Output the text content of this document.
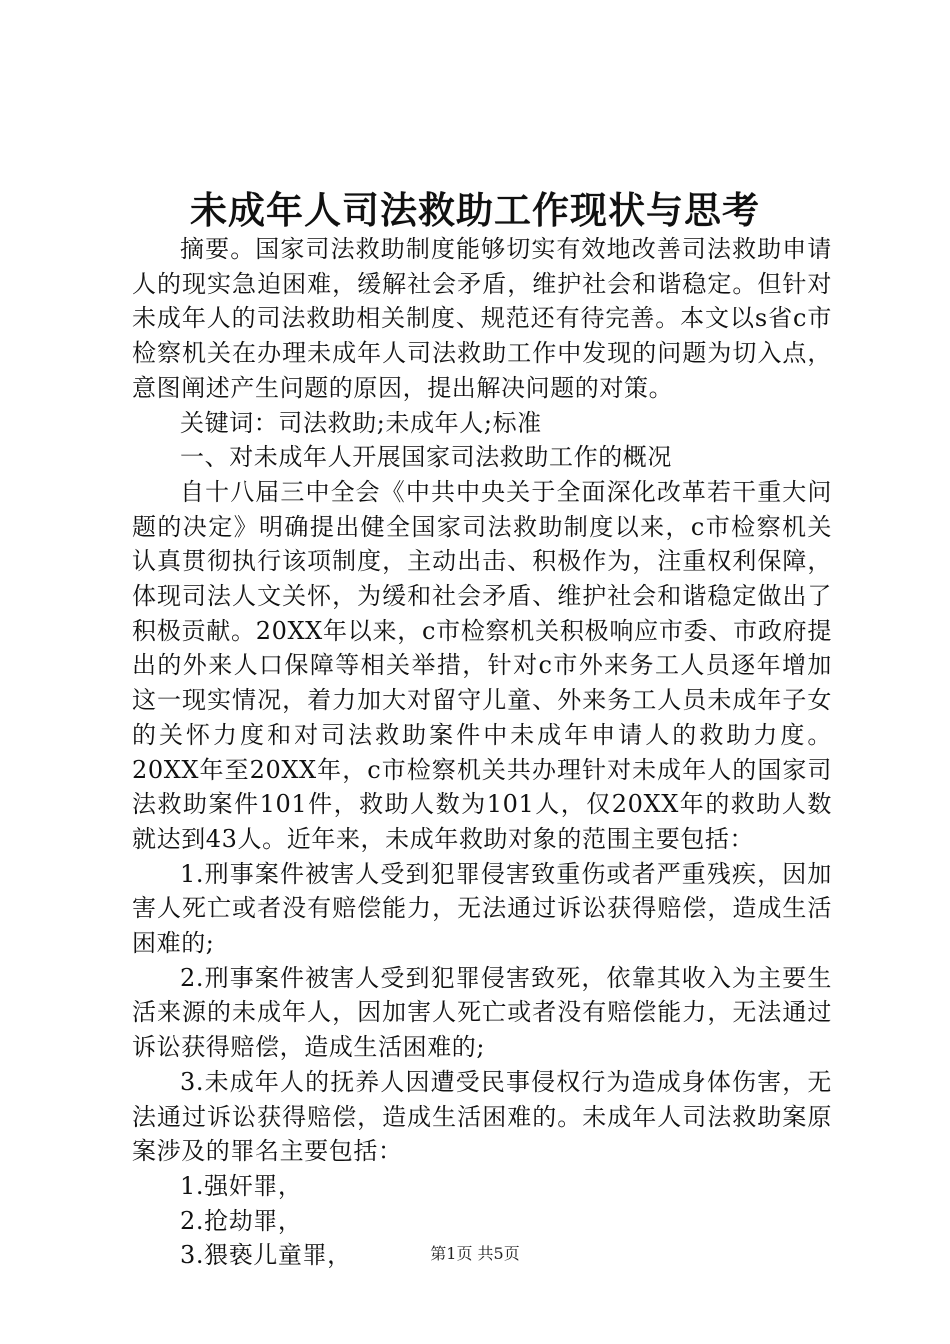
未成年人司法救助工作现状与思考

摘要。国家司法救助制度能够切实有效地改善司法救助申请人的现实急迫困难，缓解社会矛盾，维护社会和谐稳定。但针对未成年人的司法救助相关制度、规范还有待完善。本文以s省c市检察机关在办理未成年人司法救助工作中发现的问题为切入点，意图阐述产生问题的原因，提出解决问题的对策。

关键词：司法救助;未成年人;标准

一、对未成年人开展国家司法救助工作的概况

自十八届三中全会《中共中央关于全面深化改革若干重大问题的决定》明确提出健全国家司法救助制度以来，c市检察机关认真贯彻执行该项制度，主动出击、积极作为，注重权利保障，体现司法人文关怀，为缓和社会矛盾、维护社会和谐稳定做出了积极贡献。20XX年以来，c市检察机关积极响应市委、市政府提出的外来人口保障等相关举措，针对c市外来务工人员逐年增加这一现实情况，着力加大对留守儿童、外来务工人员未成年子女的关怀力度和对司法救助案件中未成年申请人的救助力度。20XX年至20XX年，c市检察机关共办理针对未成年人的国家司法救助案件101件，救助人数为101人，仅20XX年的救助人数就达到43人。近年来，未成年救助对象的范围主要包括：

1.刑事案件被害人受到犯罪侵害致重伤或者严重残疾，因加害人死亡或者没有赔偿能力，无法通过诉讼获得赔偿，造成生活困难的;

2.刑事案件被害人受到犯罪侵害致死，依靠其收入为主要生活来源的未成年人，因加害人死亡或者没有赔偿能力，无法通过诉讼获得赔偿，造成生活困难的;

3.未成年人的抚养人因遭受民事侵权行为造成身体伤害，无法通过诉讼获得赔偿，造成生活困难的。未成年人司法救助案原案涉及的罪名主要包括：

1.强奸罪，

2.抢劫罪，

3.猥亵儿童罪，	第1页 共5页
